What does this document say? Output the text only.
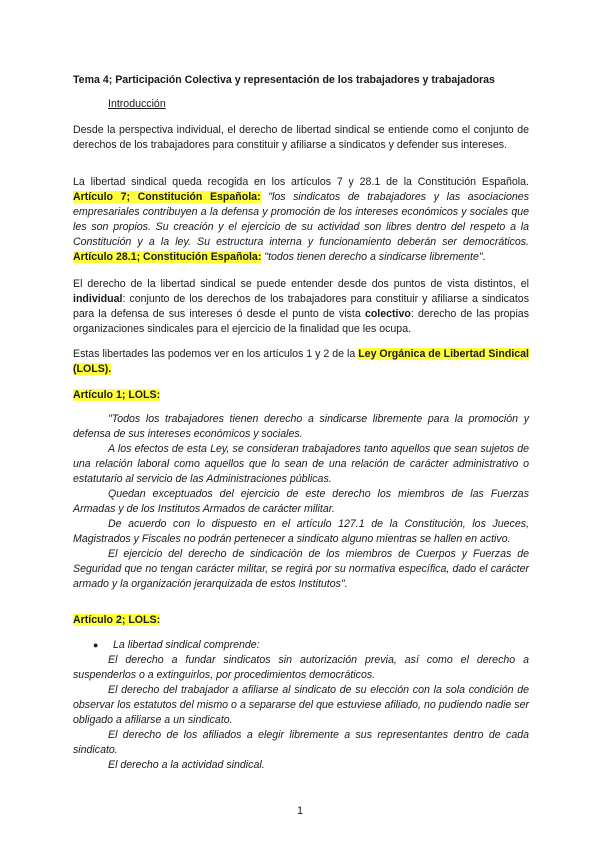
Tema 4; Participación Colectiva y representación de los trabajadores y trabajadoras
Introducción
Desde la perspectiva individual, el derecho de libertad sindical se entiende como el conjunto de derechos de los trabajadores para constituir y afiliarse a sindicatos y defender sus intereses.
La libertad sindical queda recogida en los artículos 7 y 28.1 de la Constitución Española. Artículo 7; Constitución Española: "los sindicatos de trabajadores y las asociaciones empresariales contribuyen a la defensa y promoción de los intereses económicos y sociales que les son propios. Su creación y el ejercicio de su actividad son libres dentro del respeto a la Constitución y a la ley. Su estructura interna y funcionamiento deberán ser democráticos. Artículo 28.1; Constitución Española: "todos tienen derecho a sindicarse libremente".
El derecho de la libertad sindical se puede entender desde dos puntos de vista distintos, el individual: conjunto de los derechos de los trabajadores para constituir y afiliarse a sindicatos para la defensa de sus intereses ó desde el punto de vista colectivo: derecho de las propias organizaciones sindicales para el ejercicio de la finalidad que les ocupa.
Estas libertades las podemos ver en los artículos 1 y 2 de la Ley Orgánica de Libertad Sindical (LOLS).
Artículo 1; LOLS:
"Todos los trabajadores tienen derecho a sindicarse libremente para la promoción y defensa de sus intereses económicos y sociales.
A los efectos de esta Ley, se consideran trabajadores tanto aquellos que sean sujetos de una relación laboral como aquellos que lo sean de una relación de carácter administrativo o estatutario al servicio de las Administraciones públicas.
Quedan exceptuados del ejercicio de este derecho los miembros de las Fuerzas Armadas y de los Institutos Armados de carácter militar.
De acuerdo con lo dispuesto en el artículo 127.1 de la Constitución, los Jueces, Magistrados y Fiscales no podrán pertenecer a sindicato alguno mientras se hallen en activo.
El ejercicio del derecho de sindicación de los miembros de Cuerpos y Fuerzas de Seguridad que no tengan carácter militar, se regirá por su normativa específica, dado el carácter armado y la organización jerarquizada de estos Institutos".
Artículo 2; LOLS:
● La libertad sindical comprende:
El derecho a fundar sindicatos sin autorización previa, así como el derecho a suspenderlos o a extinguirlos, por procedimientos democráticos.
El derecho del trabajador a afiliarse al sindicato de su elección con la sola condición de observar los estatutos del mismo o a separarse del que estuviese afiliado, no pudiendo nadie ser obligado a afiliarse a un sindicato.
El derecho de los afiliados a elegir libremente a sus representantes dentro de cada sindicato.
El derecho a la actividad sindical.
1
